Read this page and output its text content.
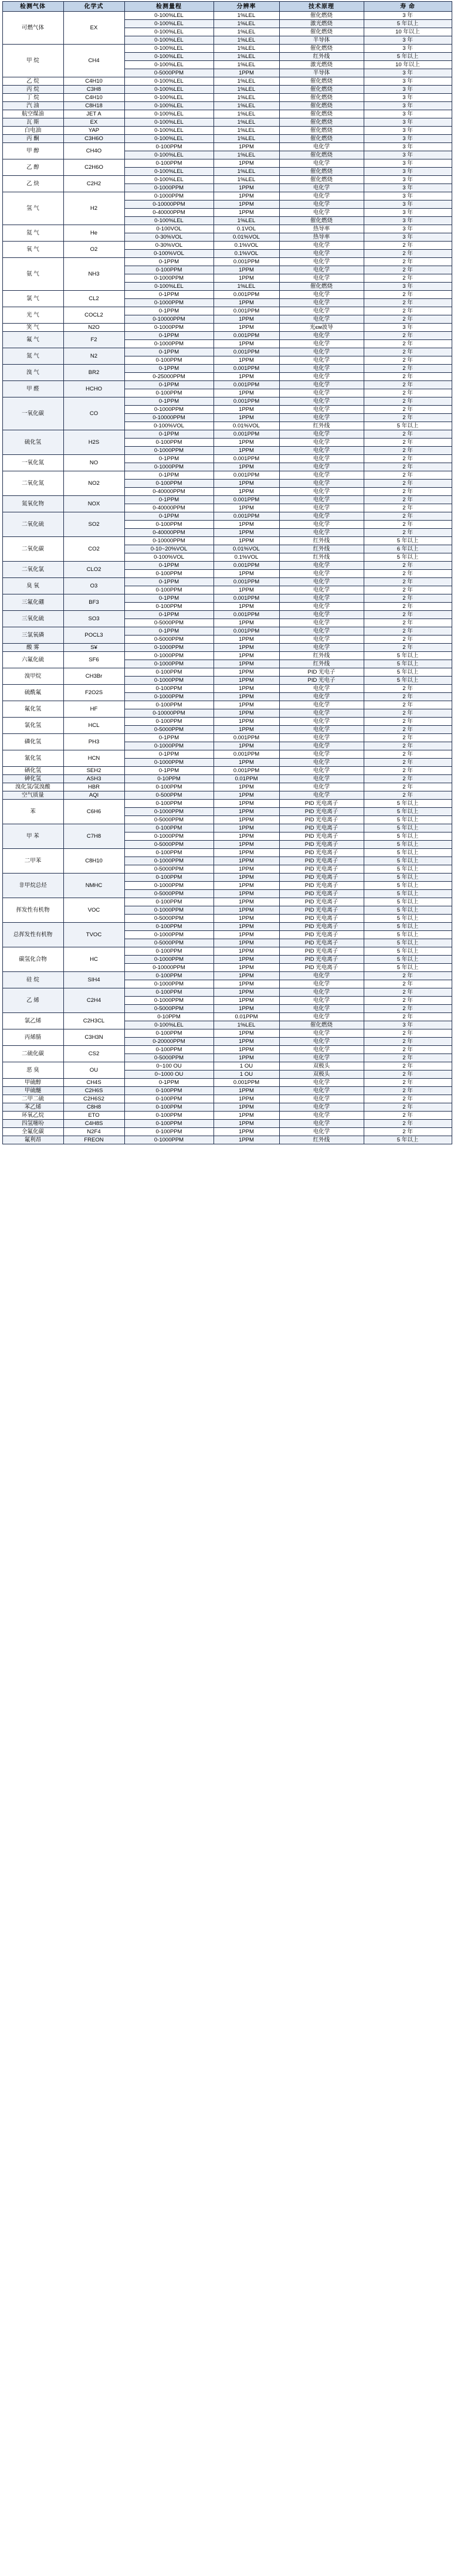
检测气体	化学式	检测量程	分辨率	技术原理	寿 命
可燃气体	EX	0-100%LEL	1%LEL	催化燃烧	3 年
		0-100%LEL	1%LEL	激光燃烧	5 年以上
		0-100%LEL	1%LEL	催化燃烧	10 年以上
		0-100%LEL	1%LEL	半导体	3 年
甲 烷	CH4	0-100%LEL	1%LEL	催化燃烧	3 年
		0-100%LEL	1%LEL	红外线	5 年以上
		0-100%LEL	1%LEL	激光燃烧	10 年以上
		0-5000PPM	1PPM	半导体	3 年
乙 烷	C4H10	0-100%LEL	1%LEL	催化燃烧	3 年
丙 烷	C3H8	0-100%LEL	1%LEL	催化燃烧	3 年
丁 烷	C4H10	0-100%LEL	1%LEL	催化燃烧	3 年
汽 油	C8H18	0-100%LEL	1%LEL	催化燃烧	3 年
航空煤油	JET A	0-100%LEL	1%LEL	催化燃烧	3 年
瓦 斯	EX	0-100%LEL	1%LEL	催化燃烧	3 年
白电油	YAP	0-100%LEL	1%LEL	催化燃烧	3 年
丙 酮	C3H6O	0-100%LEL	1%LEL	催化燃烧	3 年
甲 醇	CH4O	0-100PPM	1PPM	电化学	3 年
		0-100%LEL	1%LEL	催化燃烧	3 年
乙 醇	C2H6O	0-100PPM	1PPM	电化学	3 年
		0-100%LEL	1%LEL	催化燃烧	3 年
乙 炔	C2H2	0-100%LEL	1%LEL	催化燃烧	3 年
		0-1000PPM	1PPM	电化学	3 年
氢 气	H2	0-1000PPM	1PPM	电化学	3 年
		0-10000PPM	1PPM	电化学	3 年
		0-40000PPM	1PPM	电化学	3 年
		0-100%LEL	1%LEL	催化燃烧	3 年
氦 气	He	0-100VOL	0.1VOL	热导率	3 年
		0-30%VOL	0.01%VOL	热导率	3 年
氧 气	O2	0-30%VOL	0.1%VOL	电化学	2 年
		0-100%VOL	0.1%VOL	电化学	2 年
氨 气	NH3	0-1PPM	0.001PPM	电化学	2 年
		0-100PPM	1PPM	电化学	2 年
		0-1000PPM	1PPM	电化学	2 年
		0-100%LEL	1%LEL	催化燃烧	3 年
氯 气	CL2	0-1PPM	0.001PPM	电化学	2 年
		0-1000PPM	1PPM	电化学	2 年
光 气	COCL2	0-1PPM	0.001PPM	电化学	2 年
		0-10000PPM	1PPM	电化学	2 年
笑 气	N2O	0-1000PPM	1PPM	光єм波导	3 年
氟 气	F2	0-1PPM	0.001PPM	电化学	2 年
		0-1000PPM	1PPM	电化学	2 年
氮 气	N2	0-1PPM	0.001PPM	电化学	2 年
		0-100PPM	1PPM	电化学	2 年
溴 气	BR2	0-1PPM	0.001PPM	电化学	2 年
		0-25000PPM	1PPM	电化学	2 年
甲 醛	HCHO	0-1PPM	0.001PPM	电化学	2 年
		0-100PPM	1PPM	电化学	2 年
一氧化碳	CO	0-1PPM	0.001PPM	电化学	2 年
		0-1000PPM	1PPM	电化学	2 年
		0-10000PPM	1PPM	电化学	2 年
		0-100%VOL	0.01%VOL	红外线	5 年以上
硫化氢	H2S	0-1PPM	0.001PPM	电化学	2 年
		0-100PPM	1PPM	电化学	2 年
		0-1000PPM	1PPM	电化学	2 年
一氧化氮	NO	0-1PPM	0.001PPM	电化学	2 年
		0-1000PPM	1PPM	电化学	2 年
二氧化氮	NO2	0-1PPM	0.001PPM	电化学	2 年
		0-100PPM	1PPM	电化学	2 年
		0-40000PPM	1PPM	电化学	2 年
氮氧化物	NOX	0-1PPM	0.001PPM	电化学	2 年
		0-40000PPM	1PPM	电化学	2 年
二氧化硫	SO2	0-1PPM	0.001PPM	电化学	2 年
		0-100PPM	1PPM	电化学	2 年
		0-40000PPM	1PPM	电化学	2 年
二氧化碳	CO2	0-10000PPM	1PPM	红外线	5 年以上
		0-10~20%VOL	0.01%VOL	红外线	6 年以上
		0-100%VOL	0.1%VOL	红外线	5 年以上
二氧化氯	CLO2	0-1PPM	0.001PPM	电化学	2 年
		0-100PPM	1PPM	电化学	2 年
臭 氧	O3	0-1PPM	0.001PPM	电化学	2 年
		0-100PPM	1PPM	电化学	2 年
三氟化硼	BF3	0-1PPM	0.001PPM	电化学	2 年
		0-100PPM	1PPM	电化学	2 年
三氧化硫	SO3	0-1PPM	0.001PPM	电化学	2 年
		0-5000PPM	1PPM	电化学	2 年
三氯氧磷	POCL3	0-1PPM	0.001PPM	电化学	2 年
		0-5000PPM	1PPM	电化学	2 年
酸 雾	S¥	0-1000PPM	1PPM	电化学	2 年
六氟化硫	SF6	0-1000PPM	1PPM	红外线	5 年以上
		0-1000PPM	1PPM	红外线	5 年以上
溴甲烷	CH3Br	0-100PPM	1PPM	PID 光电子	5 年以上
		0-1000PPM	1PPM	PID 光电子	5 年以上
硫酰氟	F2O2S	0-100PPM	1PPM	电化学	2 年
		0-1000PPM	1PPM	电化学	2 年
氟化氢	HF	0-100PPM	1PPM	电化学	2 年
		0-10000PPM	1PPM	电化学	2 年
氯化氢	HCL	0-100PPM	1PPM	电化学	2 年
		0-5000PPM	1PPM	电化学	2 年
磷化氢	PH3	0-1PPM	0.001PPM	电化学	2 年
		0-1000PPM	1PPM	电化学	2 年
氰化氢	HCN	0-1PPM	0.001PPM	电化学	2 年
		0-1000PPM	1PPM	电化学	2 年
硒化氢	SEH2	0-1PPM	0.001PPM	电化学	2 年
砷化氢	ASH3	0-10PPM	0.01PPM	电化学	2 年
溴化氢/氢溴酸	HBR	0-100PPM	1PPM	电化学	2 年
空气质量	AQI	0-500PPM	1PPM	电化学	2 年
苯	C6H6	0-100PPM	1PPM	PID 光电离子	5 年以上
		0-1000PPM	1PPM	PID 光电离子	5 年以上
		0-5000PPM	1PPM	PID 光电离子	5 年以上
甲 苯	C7H8	0-100PPM	1PPM	PID 光电离子	5 年以上
		0-1000PPM	1PPM	PID 光电离子	5 年以上
		0-5000PPM	1PPM	PID 光电离子	5 年以上
二甲苯	C8H10	0-100PPM	1PPM	PID 光电离子	5 年以上
		0-1000PPM	1PPM	PID 光电离子	5 年以上
		0-5000PPM	1PPM	PID 光电离子	5 年以上
非甲烷总烃	NMHC	0-100PPM	1PPM	PID 光电离子	5 年以上
		0-1000PPM	1PPM	PID 光电离子	5 年以上
		0-5000PPM	1PPM	PID 光电离子	5 年以上
挥发性有机物	VOC	0-100PPM	1PPM	PID 光电离子	5 年以上
		0-1000PPM	1PPM	PID 光电离子	5 年以上
		0-5000PPM	1PPM	PID 光电离子	5 年以上
总挥发性有机物	TVOC	0-100PPM	1PPM	PID 光电离子	5 年以上
		0-1000PPM	1PPM	PID 光电离子	5 年以上
		0-5000PPM	1PPM	PID 光电离子	5 年以上
碳氢化合物	HC	0-100PPM	1PPM	PID 光电离子	5 年以上
		0-1000PPM	1PPM	PID 光电离子	5 年以上
		0-10000PPM	1PPM	PID 光电离子	5 年以上
硅 烷	SIH4	0-100PPM	1PPM	电化学	2 年
		0-1000PPM	1PPM	电化学	2 年
乙 烯	C2H4	0-100PPM	1PPM	电化学	2 年
		0-1000PPM	1PPM	电化学	2 年
		0-5000PPM	1PPM	电化学	2 年
氯乙烯	C2H3CL	0-10PPM	0.01PPM	电化学	2 年
		0-100%LEL	1%LEL	催化燃烧	3 年
丙烯腈	C3H3N	0-100PPM	1PPM	电化学	2 年
		0-20000PPM	1PPM	电化学	2 年
二硫化碳	CS2	0-100PPM	1PPM	电化学	2 年
		0-5000PPM	1PPM	电化学	2 年
恶 臭	OU	0~100 OU	1 OU	双极头	2 年
		0~1000 OU	1 OU	双极头	2 年
甲硫醇	CH4S	0-1PPM	0.001PPM	电化学	2 年
甲硫醚	C2H6S	0-100PPM	1PPM	电化学	2 年
二甲二硫	C2H6S2	0-100PPM	1PPM	电化学	2 年
苯乙烯	C8H8	0-100PPM	1PPM	电化学	2 年
环氧乙烷	ETO	0-100PPM	1PPM	电化学	2 年
四氢噻吩	C4H8S	0-100PPM	1PPM	电化学	2 年
全氟化碳	N2F4	0-100PPM	1PPM	电化学	2 年
氟利昂	FREON	0-1000PPM	1PPM	红外线	5 年以上
